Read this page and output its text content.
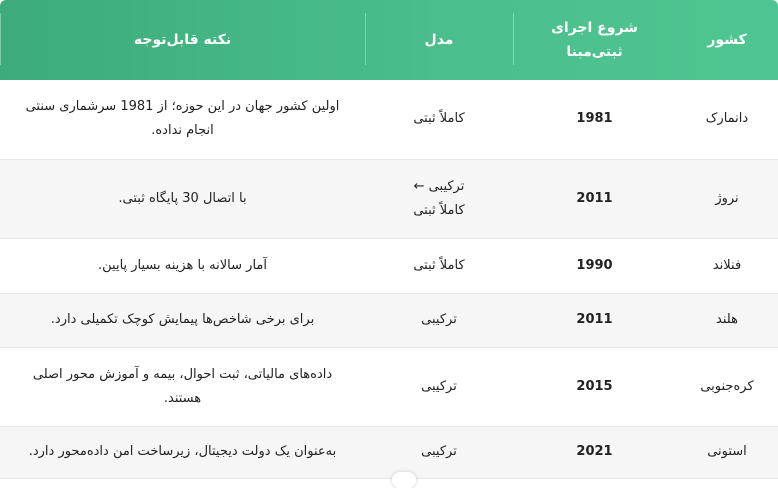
کشور	شروع اجرای ثبتی‌مبنا	مدل	نکته قابل‌توجه
دانمارک	1981	کاملاً ثبتی	اولین کشور جهان در این حوزه؛ از 1981 سرشماری سنتی انجام نداده.
نروژ	2011	ترکیبی ← کاملاً ثبتی	با اتصال 30 پایگاه ثبتی.
فنلاند	1990	کاملاً ثبتی	آمار سالانه با هزینه بسیار پایین.
هلند	2011	ترکیبی	برای برخی شاخص‌ها پیمایش کوچک تکمیلی دارد.
کره‌جنوبی	2015	ترکیبی	داده‌های مالیاتی، ثبت احوال، بیمه و آموزش محور اصلی هستند.
استونی	2021	ترکیبی	به‌عنوان یک دولت دیجیتال، زیرساخت امن داده‌محور دارد.
